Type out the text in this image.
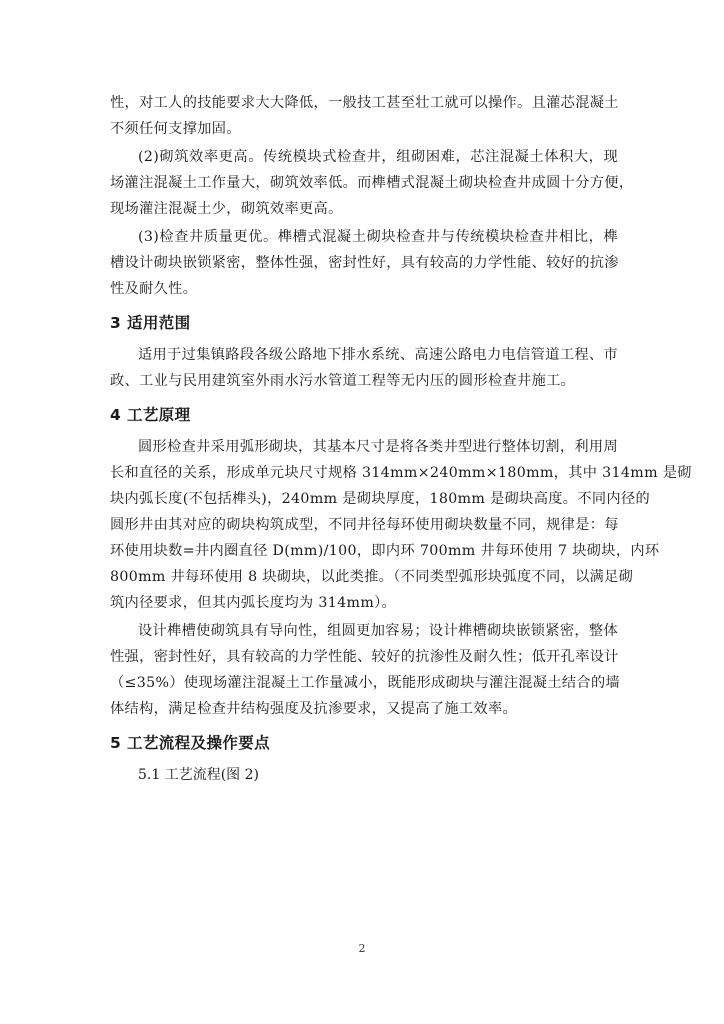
性，对工人的技能要求大大降低，一般技工甚至壮工就可以操作。且灌芯混凝土
不须任何支撑加固。
(2)砌筑效率更高。传统模块式检查井，组砌困难，芯注混凝土体积大，现
场灌注混凝土工作量大，砌筑效率低。而榫槽式混凝土砌块检查井成圆十分方便，
现场灌注混凝土少，砌筑效率更高。
(3)检查井质量更优。榫槽式混凝土砌块检查井与传统模块检查井相比，榫
槽设计砌块嵌锁紧密，整体性强，密封性好，具有较高的力学性能、较好的抗渗
性及耐久性。
3 适用范围
适用于过集镇路段各级公路地下排水系统、高速公路电力电信管道工程、市
政、工业与民用建筑室外雨水污水管道工程等无内压的圆形检查井施工。
4 工艺原理
圆形检查井采用弧形砌块，其基本尺寸是将各类井型进行整体切割，利用周
长和直径的关系，形成单元块尺寸规格 314mm×240mm×180mm，其中 314mm 是砌
块内弧长度(不包括榫头)，240mm 是砌块厚度，180mm 是砌块高度。不同内径的
圆形井由其对应的砌块构筑成型，不同井径每环使用砌块数量不同，规律是：每
环使用块数=井内圈直径 D(mm)/100，即内环 700mm 井每环使用 7 块砌块，内环
800mm 井每环使用 8 块砌块，以此类推。（不同类型弧形块弧度不同，以满足砌
筑内径要求，但其内弧长度均为 314mm）。
设计榫槽使砌筑具有导向性，组圆更加容易；设计榫槽砌块嵌锁紧密，整体
性强，密封性好，具有较高的力学性能、较好的抗渗性及耐久性；低开孔率设计
（≤35%）使现场灌注混凝土工作量减小，既能形成砌块与灌注混凝土结合的墙
体结构，满足检查井结构强度及抗渗要求，又提高了施工效率。
5 工艺流程及操作要点
5.1 工艺流程(图 2)
2
